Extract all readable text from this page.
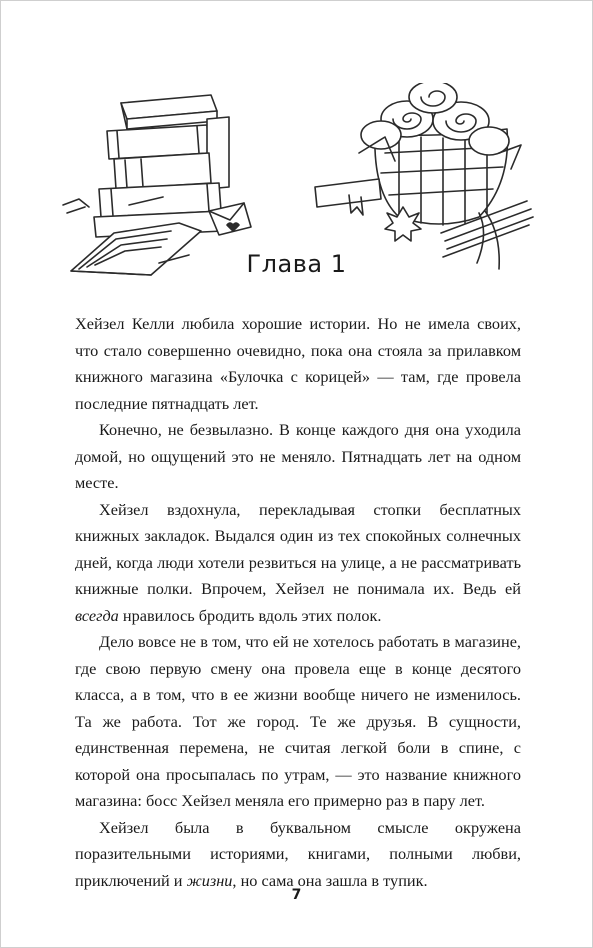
Глава 1

Хейзел Келли любила хорошие истории. Но не имела своих, что стало совершенно очевидно, пока она стояла за прилавком книжного магазина «Булочка с корицей» — там, где провела последние пятнадцать лет.

Конечно, не безвылазно. В конце каждого дня она уходила домой, но ощущений это не меняло. Пятнадцать лет на одном месте.

Хейзел вздохнула, перекладывая стопки бесплатных книжных закладок. Выдался один из тех спокойных солнечных дней, когда люди хотели резвиться на улице, а не рассматривать книжные полки. Впрочем, Хейзел не понимала их. Ведь ей всегда нравилось бродить вдоль этих полок.

Дело вовсе не в том, что ей не хотелось работать в магазине, где свою первую смену она провела еще в конце десятого класса, а в том, что в ее жизни вообще ничего не изменилось. Та же работа. Тот же город. Те же друзья. В сущности, единственная перемена, не считая легкой боли в спине, с которой она просыпалась по утрам, — это название книжного магазина: босс Хейзел меняла его примерно раз в пару лет.

Хейзел была в буквальном смысле окружена поразительными историями, книгами, полными любви, приключений и жизни, но сама она зашла в тупик.

7
